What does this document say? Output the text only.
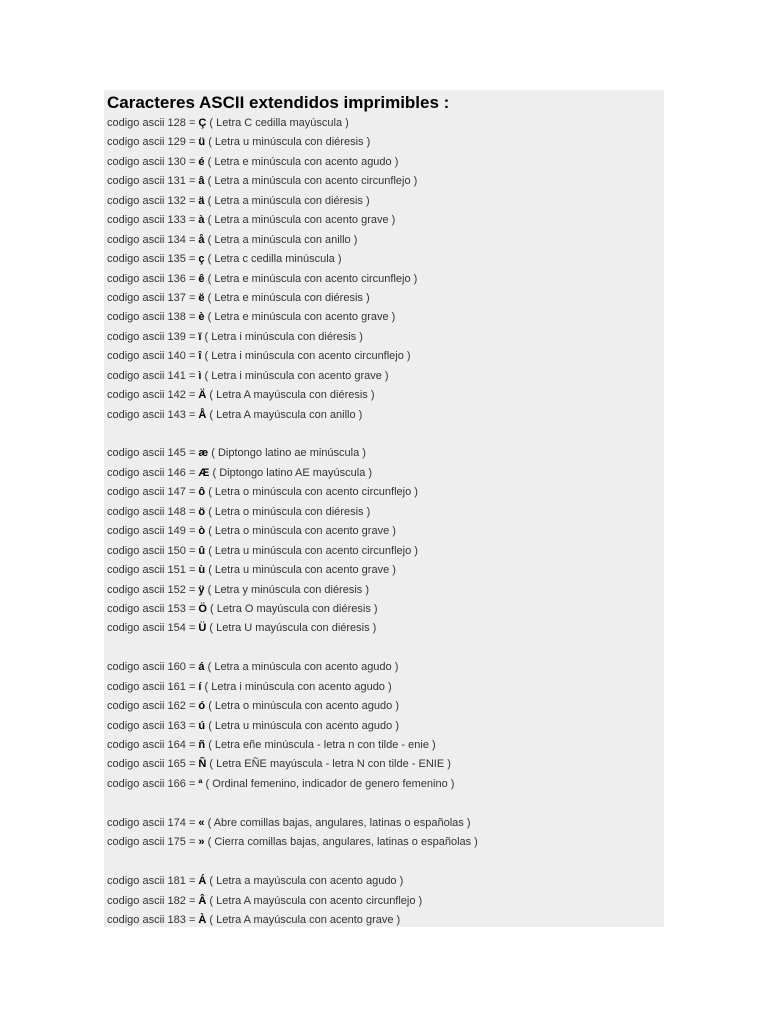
Caracteres ASCII extendidos imprimibles :
codigo ascii 128 = Ç ( Letra C cedilla mayúscula )
codigo ascii 129 = ü ( Letra u minúscula con diéresis )
codigo ascii 130 = é ( Letra e minúscula con acento agudo )
codigo ascii 131 = â ( Letra a minúscula con acento circunflejo )
codigo ascii 132 = ä ( Letra a minúscula con diéresis )
codigo ascii 133 = à ( Letra a minúscula con acento grave )
codigo ascii 134 = å ( Letra a minúscula con anillo )
codigo ascii 135 = ç ( Letra c cedilla minúscula )
codigo ascii 136 = ê ( Letra e minúscula con acento circunflejo )
codigo ascii 137 = ë ( Letra e minúscula con diéresis )
codigo ascii 138 = è ( Letra e minúscula con acento grave )
codigo ascii 139 = ï ( Letra i minúscula con diéresis )
codigo ascii 140 = î ( Letra i minúscula con acento circunflejo )
codigo ascii 141 = ì ( Letra i minúscula con acento grave )
codigo ascii 142 = Ä ( Letra A mayúscula con diéresis )
codigo ascii 143 = Å ( Letra A mayúscula con anillo )
codigo ascii 145 = æ ( Diptongo latino ae minúscula )
codigo ascii 146 = Æ ( Diptongo latino AE mayúscula )
codigo ascii 147 = ô ( Letra o minúscula con acento circunflejo )
codigo ascii 148 = ö ( Letra o minúscula con diéresis )
codigo ascii 149 = ò ( Letra o minúscula con acento grave )
codigo ascii 150 = û ( Letra u minúscula con acento circunflejo )
codigo ascii 151 = ù ( Letra u minúscula con acento grave )
codigo ascii 152 = ÿ ( Letra y minúscula con diéresis )
codigo ascii 153 = Ö ( Letra O mayúscula con diéresis )
codigo ascii 154 = Ü ( Letra U mayúscula con diéresis )
codigo ascii 160 = á ( Letra a minúscula con acento agudo )
codigo ascii 161 = í ( Letra i minúscula con acento agudo )
codigo ascii 162 = ó ( Letra o minúscula con acento agudo )
codigo ascii 163 = ú ( Letra u minúscula con acento agudo )
codigo ascii 164 = ñ ( Letra eñe minúscula - letra n con tilde - enie )
codigo ascii 165 = Ñ ( Letra EÑE mayúscula - letra N con tilde - ENIE )
codigo ascii 166 = ª ( Ordinal femenino, indicador de genero femenino )
codigo ascii 174 = « ( Abre comillas bajas, angulares, latinas o españolas )
codigo ascii 175 = » ( Cierra comillas bajas, angulares, latinas o españolas )
codigo ascii 181 = Á ( Letra a mayúscula con acento agudo )
codigo ascii 182 = Â ( Letra A mayúscula con acento circunflejo )
codigo ascii 183 = À ( Letra A mayúscula con acento grave )
